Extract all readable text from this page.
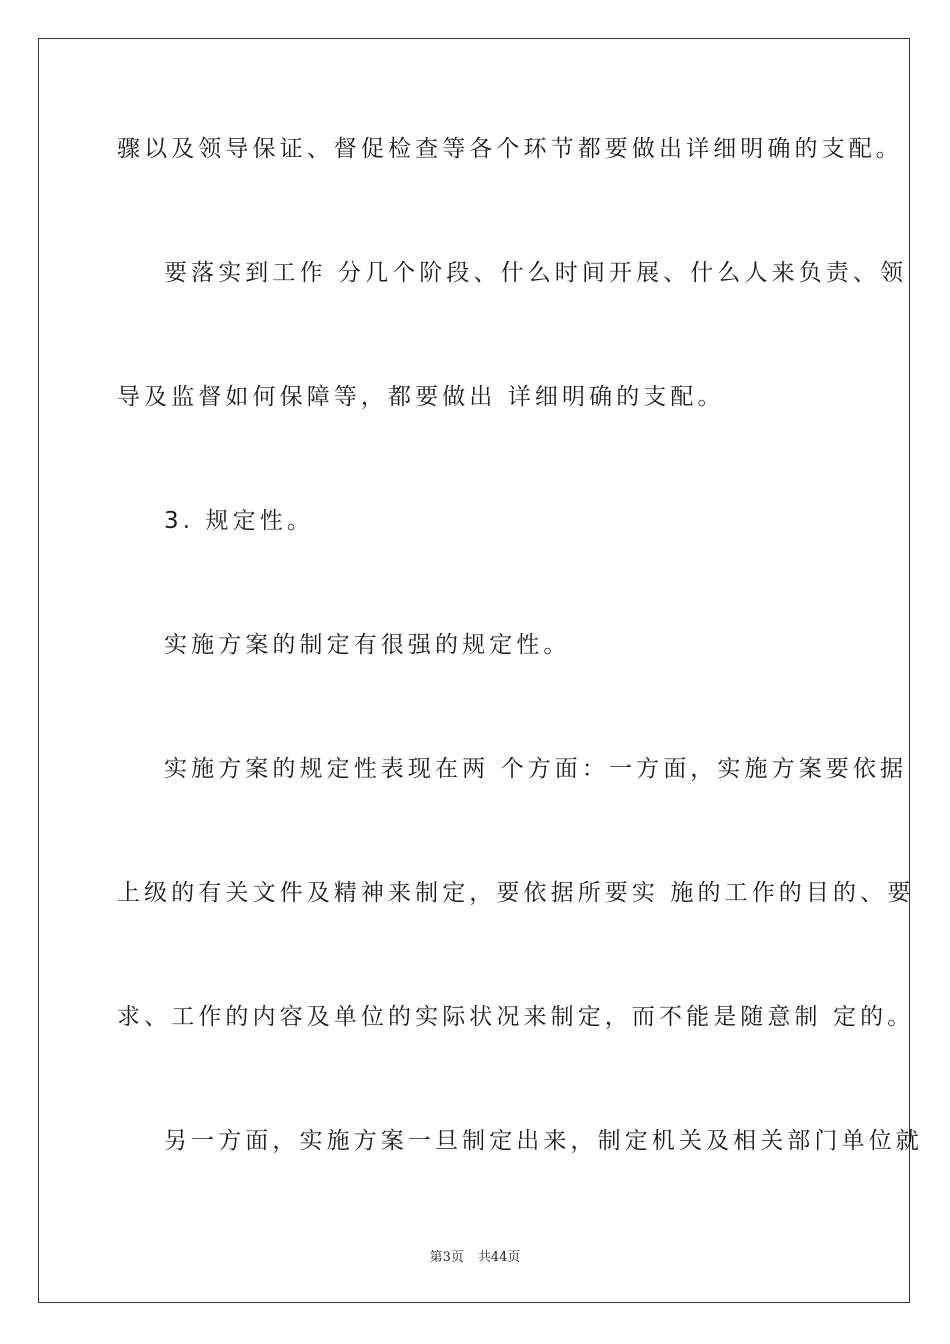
骤以及领导保证、督促检查等各个环节都要做出详细明确的支配。
要落实到工作 分几个阶段、什么时间开展、什么人来负责、领
导及监督如何保障等，都要做出 详细明确的支配。
3. 规定性。
实施方案的制定有很强的规定性。
实施方案的规定性表现在两 个方面：一方面，实施方案要依据
上级的有关文件及精神来制定，要依据所要实 施的工作的目的、要
求、工作的内容及单位的实际状况来制定，而不能是随意制 定的。
另一方面，实施方案一旦制定出来，制定机关及相关部门单位就
第3页 共44页
